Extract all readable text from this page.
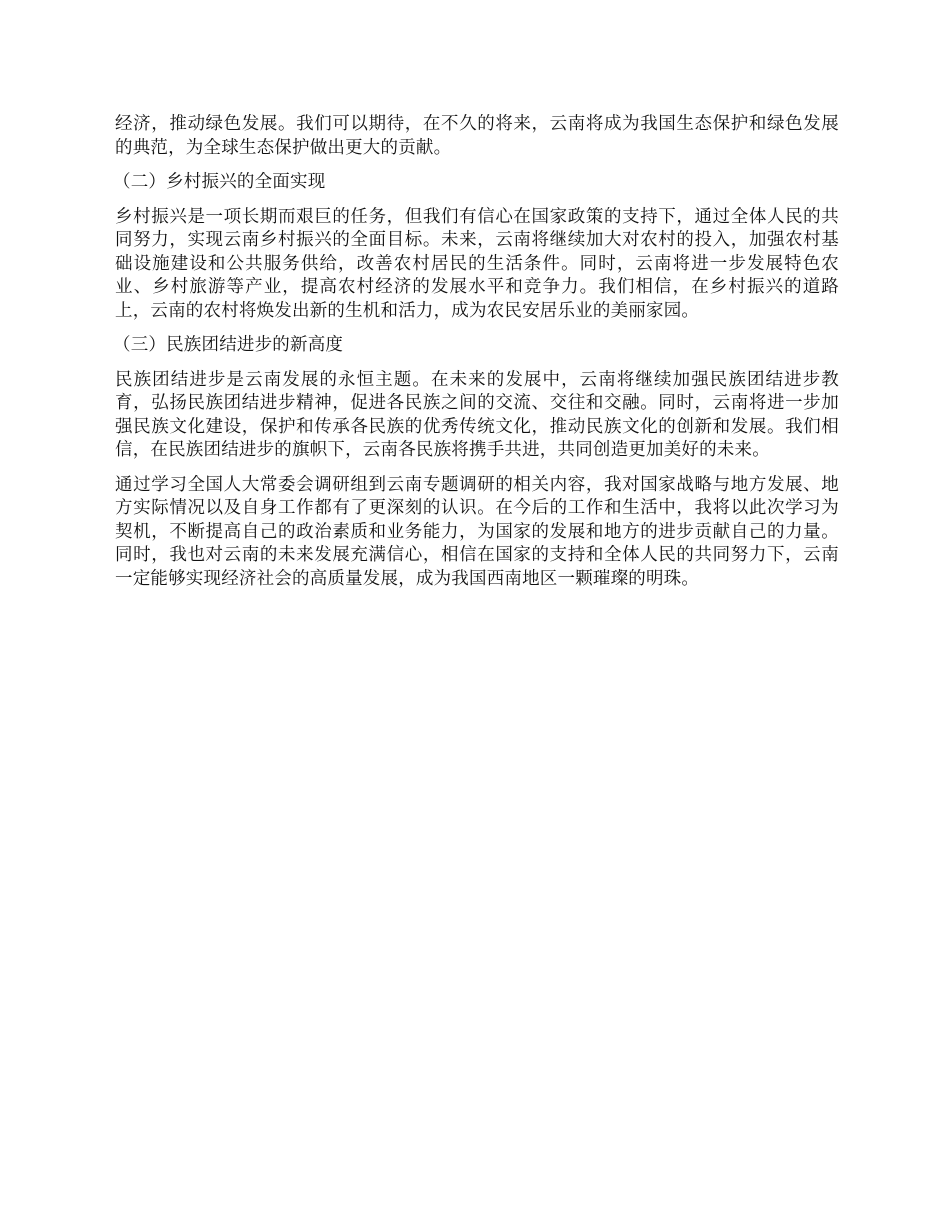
经济，推动绿色发展。我们可以期待，在不久的将来，云南将成为我国生态保护和绿色发展的典范，为全球生态保护做出更大的贡献。

（二）乡村振兴的全面实现

乡村振兴是一项长期而艰巨的任务，但我们有信心在国家政策的支持下，通过全体人民的共同努力，实现云南乡村振兴的全面目标。未来，云南将继续加大对农村的投入，加强农村基础设施建设和公共服务供给，改善农村居民的生活条件。同时，云南将进一步发展特色农业、乡村旅游等产业，提高农村经济的发展水平和竞争力。我们相信，在乡村振兴的道路上，云南的农村将焕发出新的生机和活力，成为农民安居乐业的美丽家园。

（三）民族团结进步的新高度

民族团结进步是云南发展的永恒主题。在未来的发展中，云南将继续加强民族团结进步教育，弘扬民族团结进步精神，促进各民族之间的交流、交往和交融。同时，云南将进一步加强民族文化建设，保护和传承各民族的优秀传统文化，推动民族文化的创新和发展。我们相信，在民族团结进步的旗帜下，云南各民族将携手共进，共同创造更加美好的未来。

通过学习全国人大常委会调研组到云南专题调研的相关内容，我对国家战略与地方发展、地方实际情况以及自身工作都有了更深刻的认识。在今后的工作和生活中，我将以此次学习为契机，不断提高自己的政治素质和业务能力，为国家的发展和地方的进步贡献自己的力量。同时，我也对云南的未来发展充满信心，相信在国家的支持和全体人民的共同努力下，云南一定能够实现经济社会的高质量发展，成为我国西南地区一颗璀璨的明珠。
